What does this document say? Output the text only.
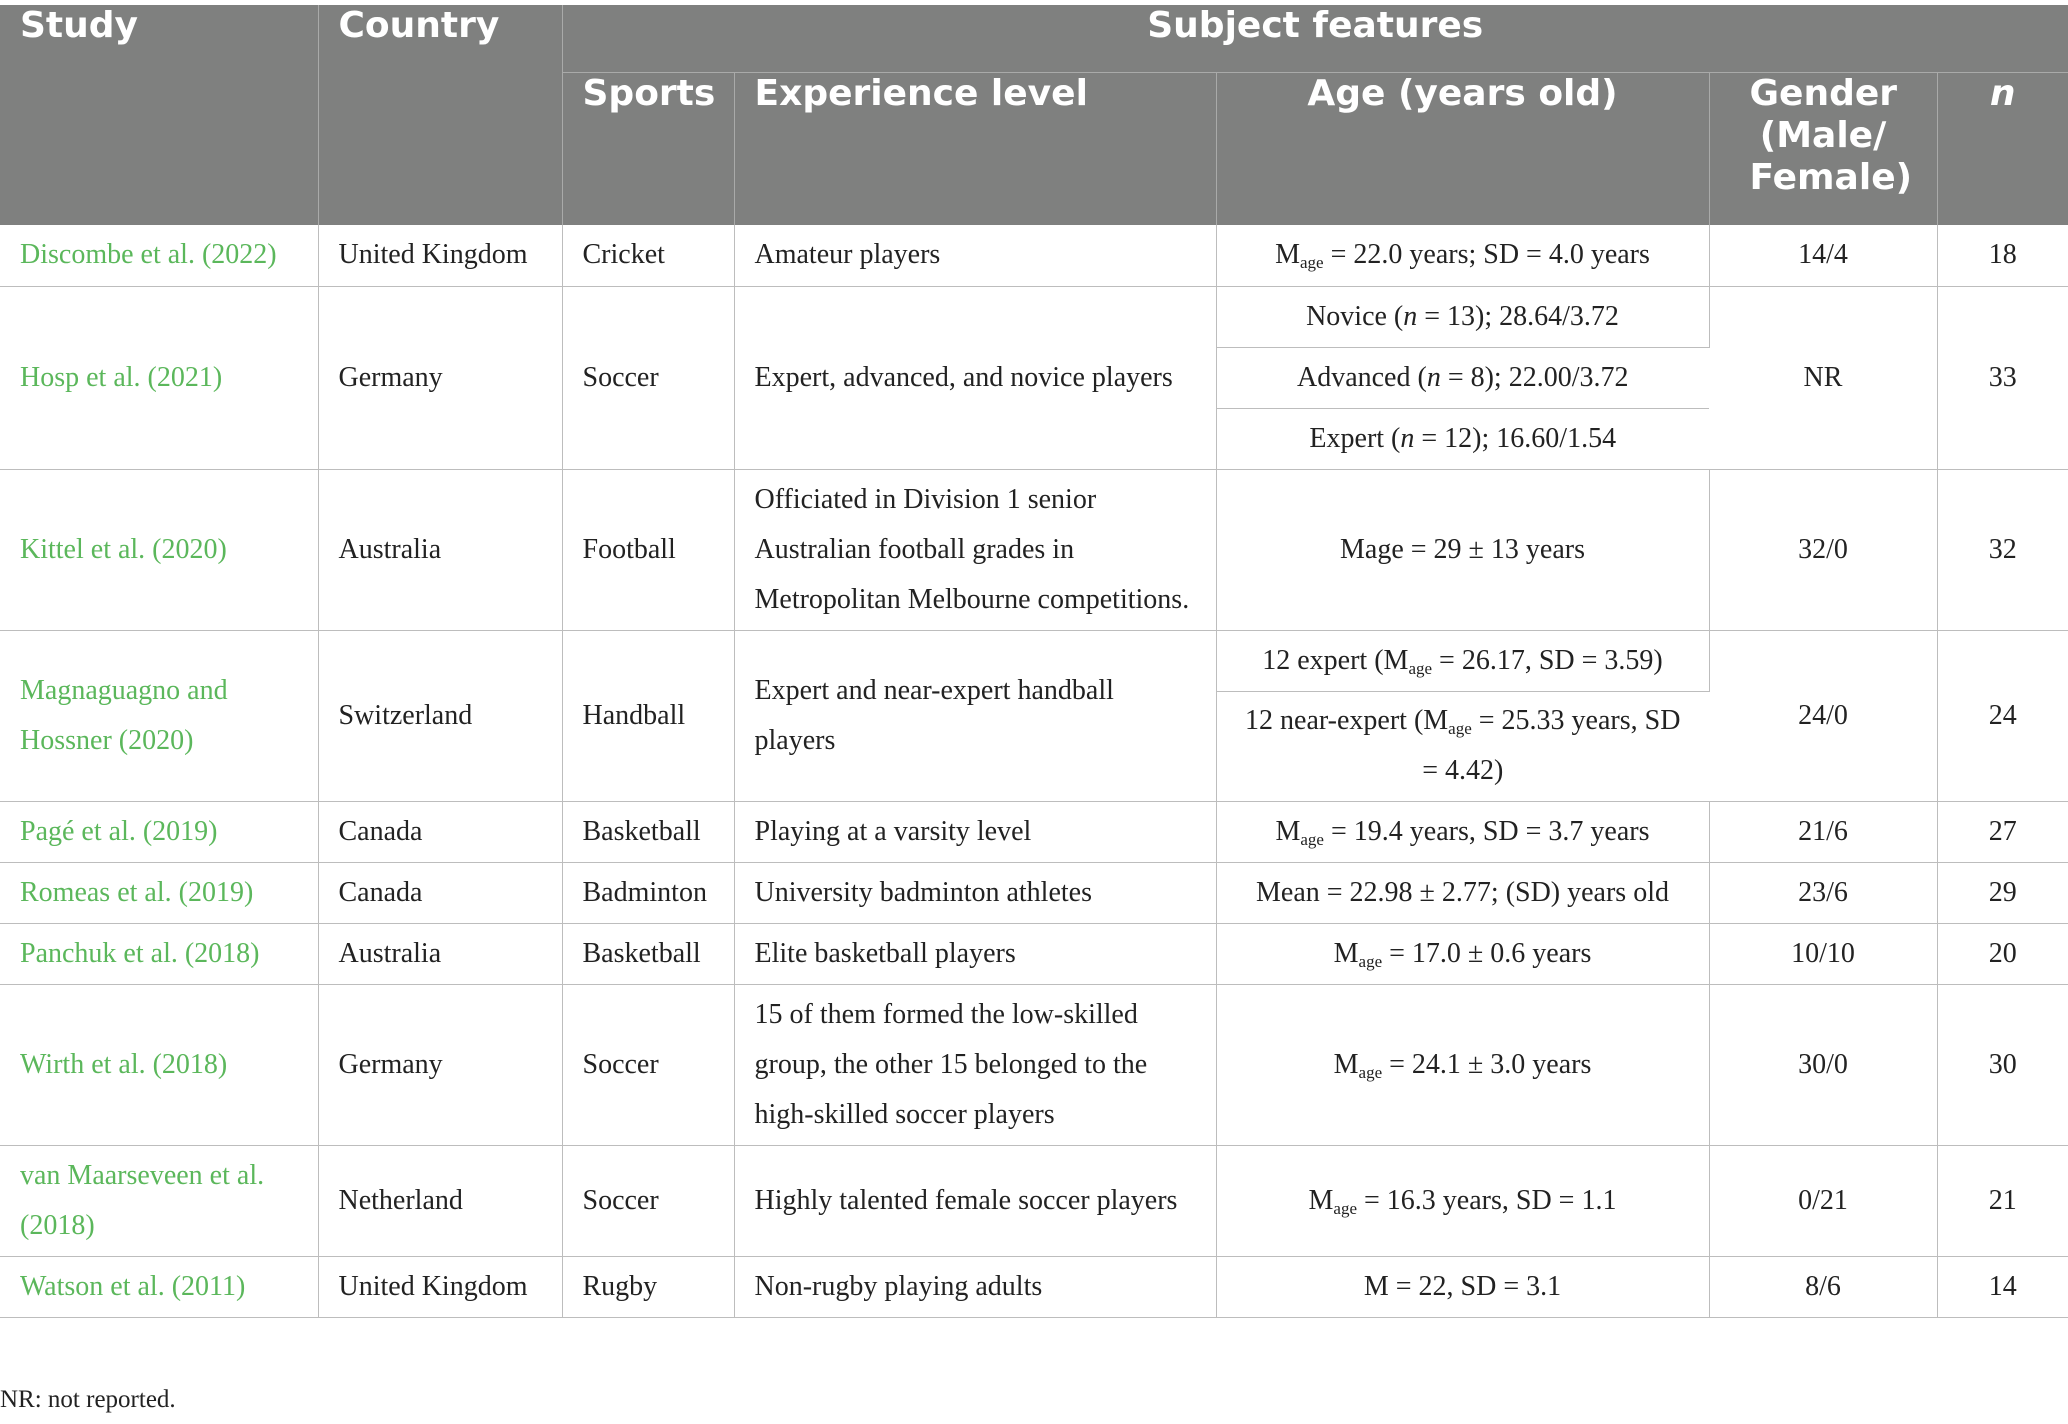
Study	Country	Subject features				
		Sports	Experience level	Age (years old)	Gender (Male/ Female)	n
Discombe et al. (2022)	United Kingdom	Cricket	Amateur players	$M_{age} = 22.0$ years; SD = 4.0 years	14/4	18
Hosp et al. (2021)	Germany	Soccer	Expert, advanced, and novice players	Novice (n = 13); 28.64/3.72	NR	33
				Advanced (n = 8); 22.00/3.72		
				Expert (n = 12); 16.60/1.54		
Kittel et al. (2020)	Australia	Football	Officiated in Division 1 senior Australian football grades in Metropolitan Melbourne competitions.	Mage = 29 ± 13 years	32/0	32
Magnaguagno and Hossner (2020)	Switzerland	Handball	Expert and near-expert handball players	12 expert ($M_{age} = 26.17$, SD = 3.59)	24/0	24
				12 near-expert ($M_{age} = 25.33$ years, SD = 4.42)		
Pagé et al. (2019)	Canada	Basketball	Playing at a varsity level	$M_{age} = 19.4$ years, SD = 3.7 years	21/6	27
Romeas et al. (2019)	Canada	Badminton	University badminton athletes	Mean = 22.98 ± 2.77; (SD) years old	23/6	29
Panchuk et al. (2018)	Australia	Basketball	Elite basketball players	$M_{age} = 17.0 \pm 0.6$ years	10/10	20
Wirth et al. (2018)	Germany	Soccer	15 of them formed the low-skilled group, the other 15 belonged to the high-skilled soccer players	$M_{age} = 24.1 \pm 3.0$ years	30/0	30
van Maarseveen et al. (2018)	Netherland	Soccer	Highly talented female soccer players	$M_{age} = 16.3$ years, SD = 1.1	0/21	21
Watson et al. (2011)	United Kingdom	Rugby	Non-rugby playing adults	M = 22, SD = 3.1	8/6	14
NR: not reported.
